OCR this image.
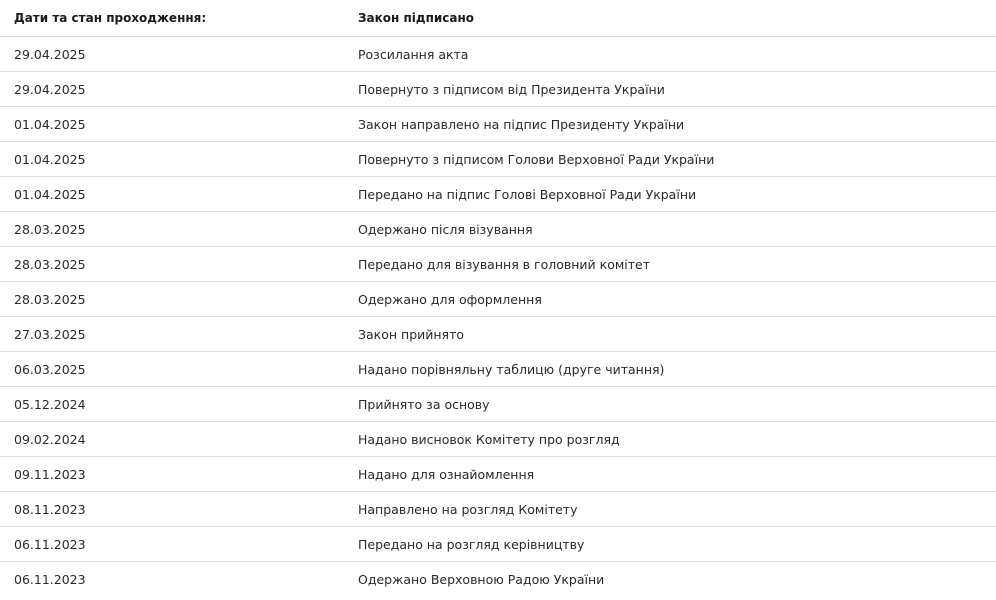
Дати та стан проходження:	Закон підписано
29.04.2025	Розсилання акта
29.04.2025	Повернуто з підписом від Президента України
01.04.2025	Закон направлено на підпис Президенту України
01.04.2025	Повернуто з підписом Голови Верховної Ради України
01.04.2025	Передано на підпис Голові Верховної Ради України
28.03.2025	Одержано після візування
28.03.2025	Передано для візування в головний комітет
28.03.2025	Одержано для оформлення
27.03.2025	Закон прийнято
06.03.2025	Надано порівняльну таблицю (друге читання)
05.12.2024	Прийнято за основу
09.02.2024	Надано висновок Комітету про розгляд
09.11.2023	Надано для ознайомлення
08.11.2023	Направлено на розгляд Комітету
06.11.2023	Передано на розгляд керівництву
06.11.2023	Одержано Верховною Радою України
